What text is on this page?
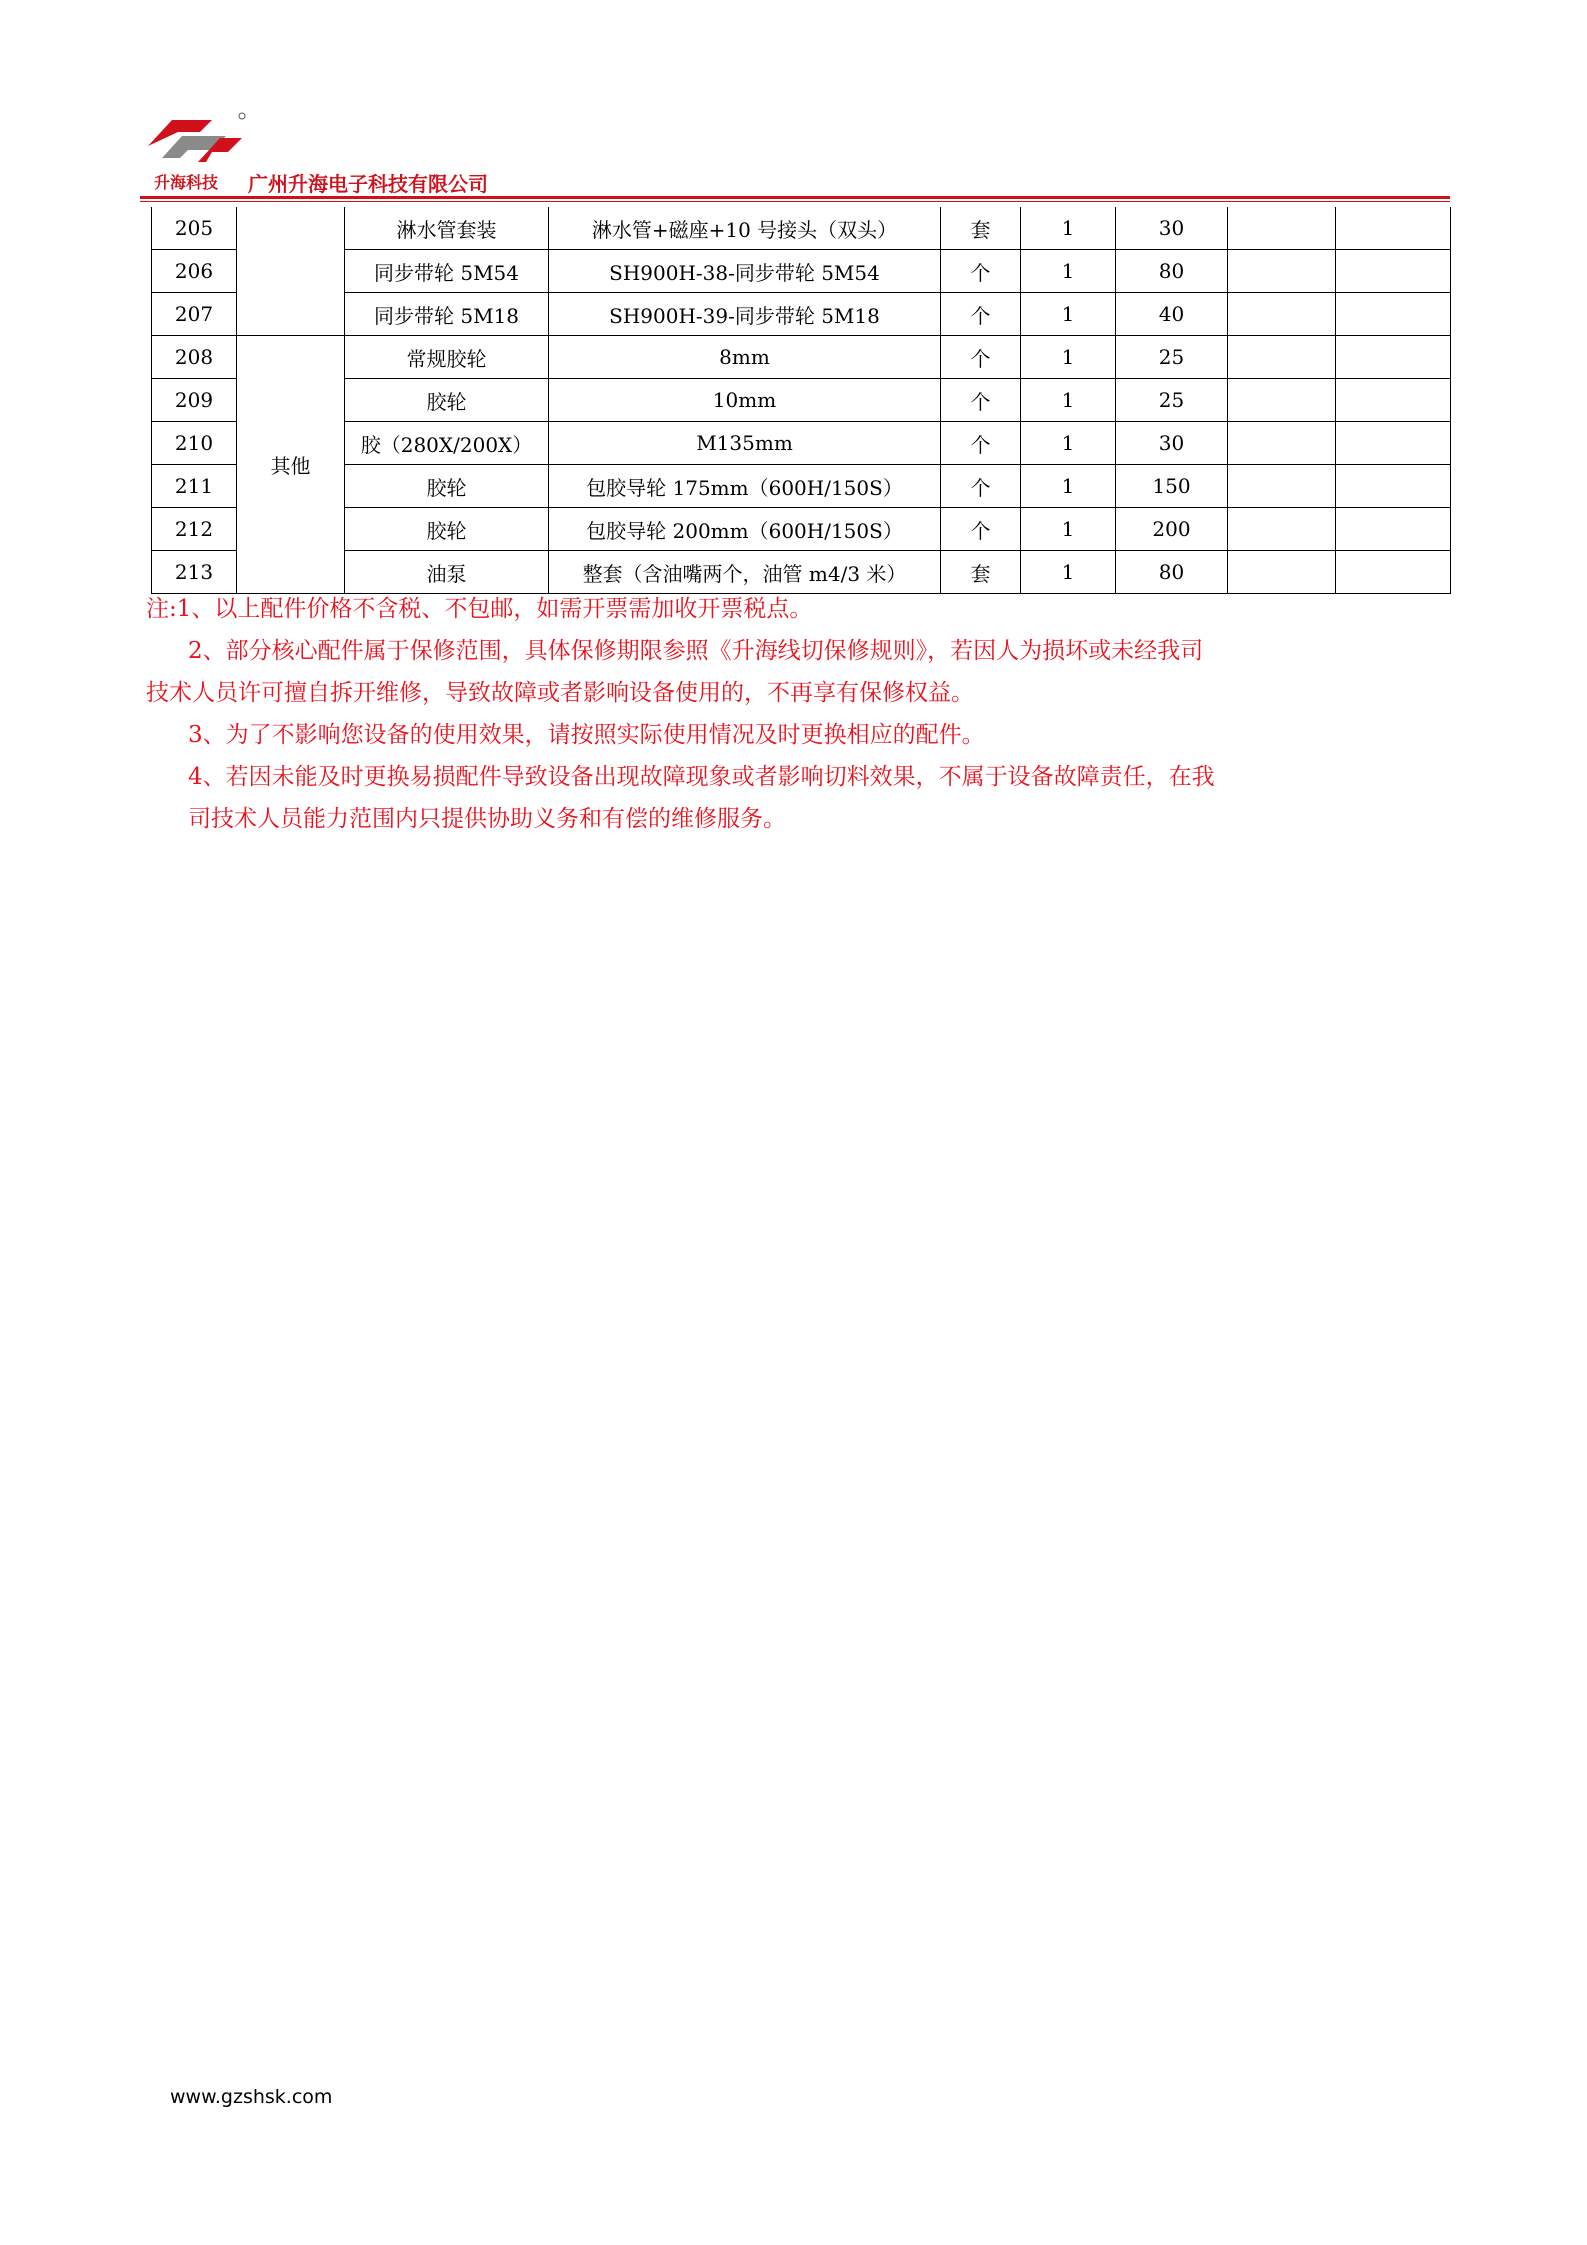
升海科技	广州升海电子科技有限公司
205		淋水管套装	淋水管+磁座+10 号接头（双头）	套	1	30		
206		同步带轮 5M54	SH900H-38-同步带轮 5M54	个	1	80		
207		同步带轮 5M18	SH900H-39-同步带轮 5M18	个	1	40		
208	其他	常规胶轮	8mm	个	1	25		
209		胶轮	10mm	个	1	25		
210		胶（280X/200X）	M135mm	个	1	30		
211		胶轮	包胶导轮 175mm（600H/150S）	个	1	150		
212		胶轮	包胶导轮 200mm（600H/150S）	个	1	200		
213		油泵	整套（含油嘴两个，油管 m4/3 米）	套	1	80		

注:1、以上配件价格不含税、不包邮，如需开票需加收开票税点。

2、部分核心配件属于保修范围，具体保修期限参照《升海线切保修规则》，若因人为损坏或未经我司

技术人员许可擅自拆开维修，导致故障或者影响设备使用的，不再享有保修权益。

3、为了不影响您设备的使用效果，请按照实际使用情况及时更换相应的配件。

4、若因未能及时更换易损配件导致设备出现故障现象或者影响切料效果，不属于设备故障责任，在我

司技术人员能力范围内只提供协助义务和有偿的维修服务。

www.gzshsk.com
